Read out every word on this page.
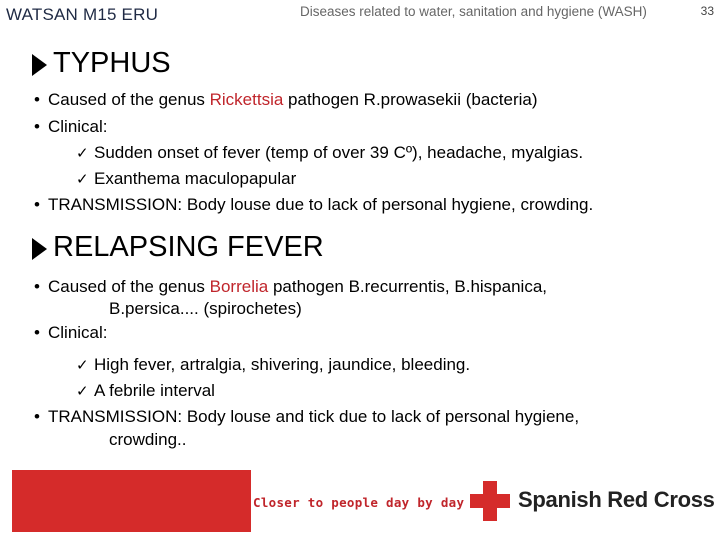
WATSAN M15 ERU	Diseases related to water, sanitation and hygiene (WASH)	33
TYPHUS
• Caused of the genus Rickettsia pathogen R.prowasekii (bacteria)
• Clinical:
✓ Sudden onset of fever (temp of over 39 Cº), headache, myalgias.
✓ Exanthema maculopapular
• TRANSMISSION: Body louse due to lack of personal hygiene, crowding.
RELAPSING FEVER
• Caused of the genus Borrelia pathogen B.recurrentis, B.hispanica,
B.persica.... (spirochetes)
• Clinical:
✓ High fever, artralgia, shivering, jaundice, bleeding.
✓ A febrile interval
• TRANSMISSION: Body louse and tick due to lack of personal hygiene,
crowding..
Closer to people day by day Spanish Red Cross
